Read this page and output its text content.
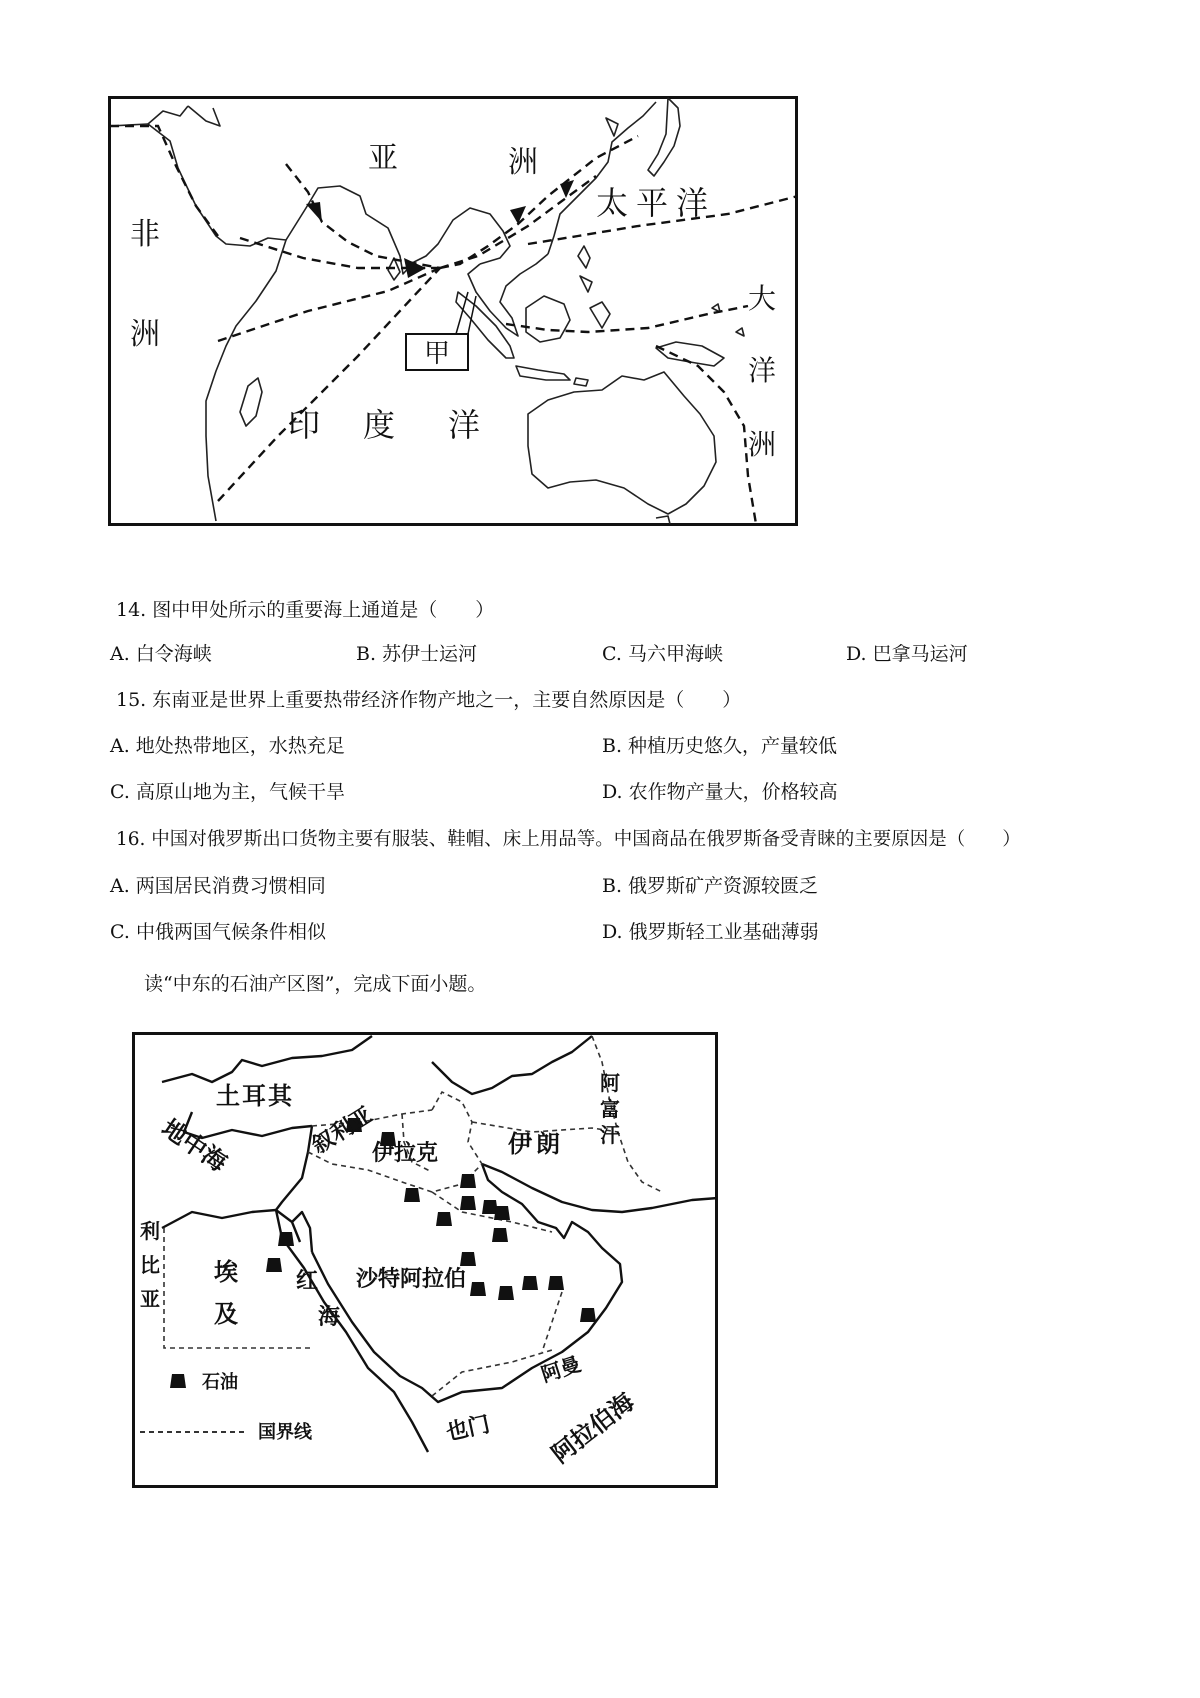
甲
亚	洲
非
洲
印 度 洋
太平洋
大
洋
洲
14. 图中甲处所示的重要海上通道是（　　）
A. 白令海峡	B. 苏伊士运河	C. 马六甲海峡	D. 巴拿马运河
15. 东南亚是世界上重要热带经济作物产地之一，主要自然原因是（　　）
A. 地处热带地区，水热充足	B. 种植历史悠久，产量较低
C. 高原山地为主，气候干旱	D. 农作物产量大，价格较高
16. 中国对俄罗斯出口货物主要有服装、鞋帽、床上用品等。中国商品在俄罗斯备受青睐的主要原因是（　　）
A. 两国居民消费习惯相同	B. 俄罗斯矿产资源较匮乏
C. 中俄两国气候条件相似	D. 俄罗斯轻工业基础薄弱
读“中东的石油产区图”，完成下面小题。
土耳其
地中海	叙利亚
伊拉克	伊朗
阿
富
汗
利
比
亚
埃
及
红
海
沙特阿拉伯
阿曼
也门 阿拉伯海
石油
国界线
